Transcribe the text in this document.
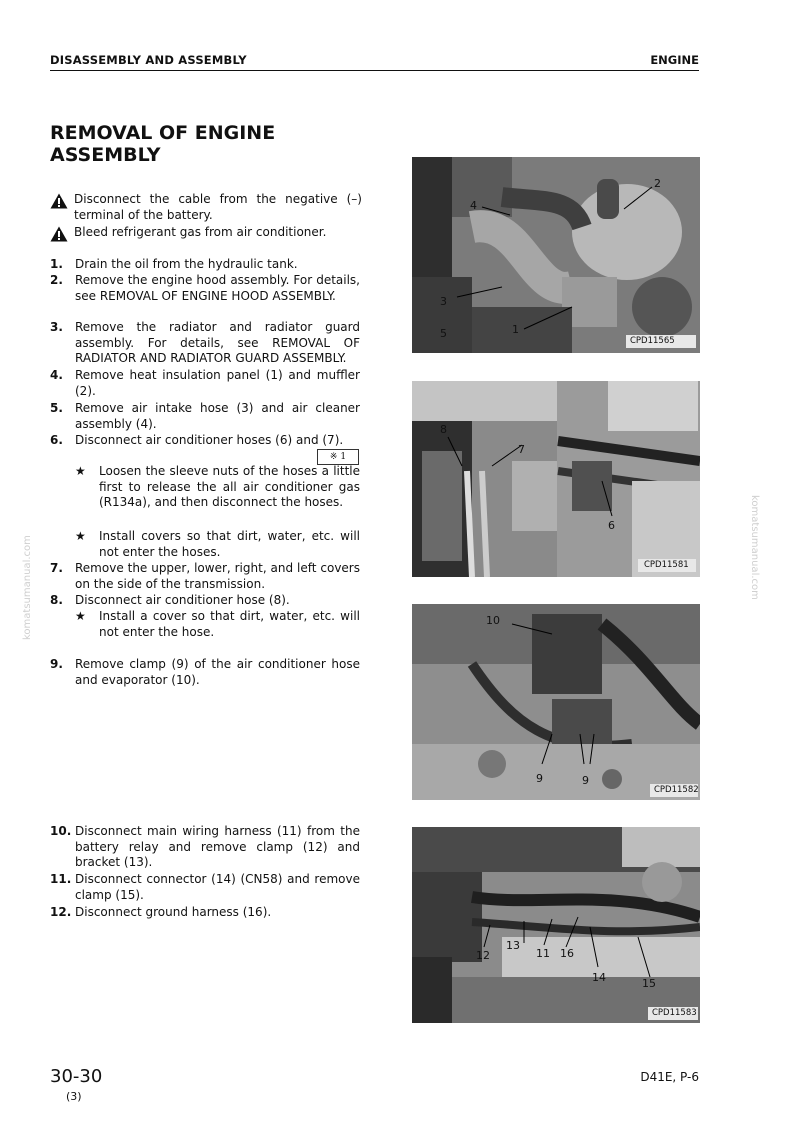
DISASSEMBLY AND ASSEMBLY	ENGINE
REMOVAL OF ENGINE
ASSEMBLY
Disconnect the cable from the negative (–) terminal of the battery.
Bleed refrigerant gas from air conditioner.
1. Drain the oil from the hydraulic tank.
2. Remove the engine hood assembly. For details, see REMOVAL OF ENGINE HOOD ASSEMBLY.
3. Remove the radiator and radiator guard assembly. For details, see REMOVAL OF RADIATOR AND RADIATOR GUARD ASSEMBLY.
4. Remove heat insulation panel (1) and muffler (2).
5. Remove air intake hose (3) and air cleaner assembly (4).
6. Disconnect air conditioner hoses (6) and (7).
※ 1
★ Loosen the sleeve nuts of the hoses a little first to release the all air conditioner gas (R134a), and then disconnect the hoses.
★ Install covers so that dirt, water, etc. will not enter the hoses.
7. Remove the upper, lower, right, and left covers on the side of the transmission.
8. Disconnect air conditioner hose (8).
★ Install a cover so that dirt, water, etc. will not enter the hose.
9. Remove clamp (9) of the air conditioner hose and evaporator (10).
10. Disconnect main wiring harness (11) from the battery relay and remove clamp (12) and bracket (13).
11. Disconnect connector (14) (CN58) and remove clamp (15).
12. Disconnect ground harness (16).
4
2
3
5	1
CPD11565
8
7
6
CPD11581
10
9	9
CPD11582
12
13
11 16
14	15
CPD11583
30-30
(3)
D41E, P-6
komatsumanual.com	komatsumanual.com
